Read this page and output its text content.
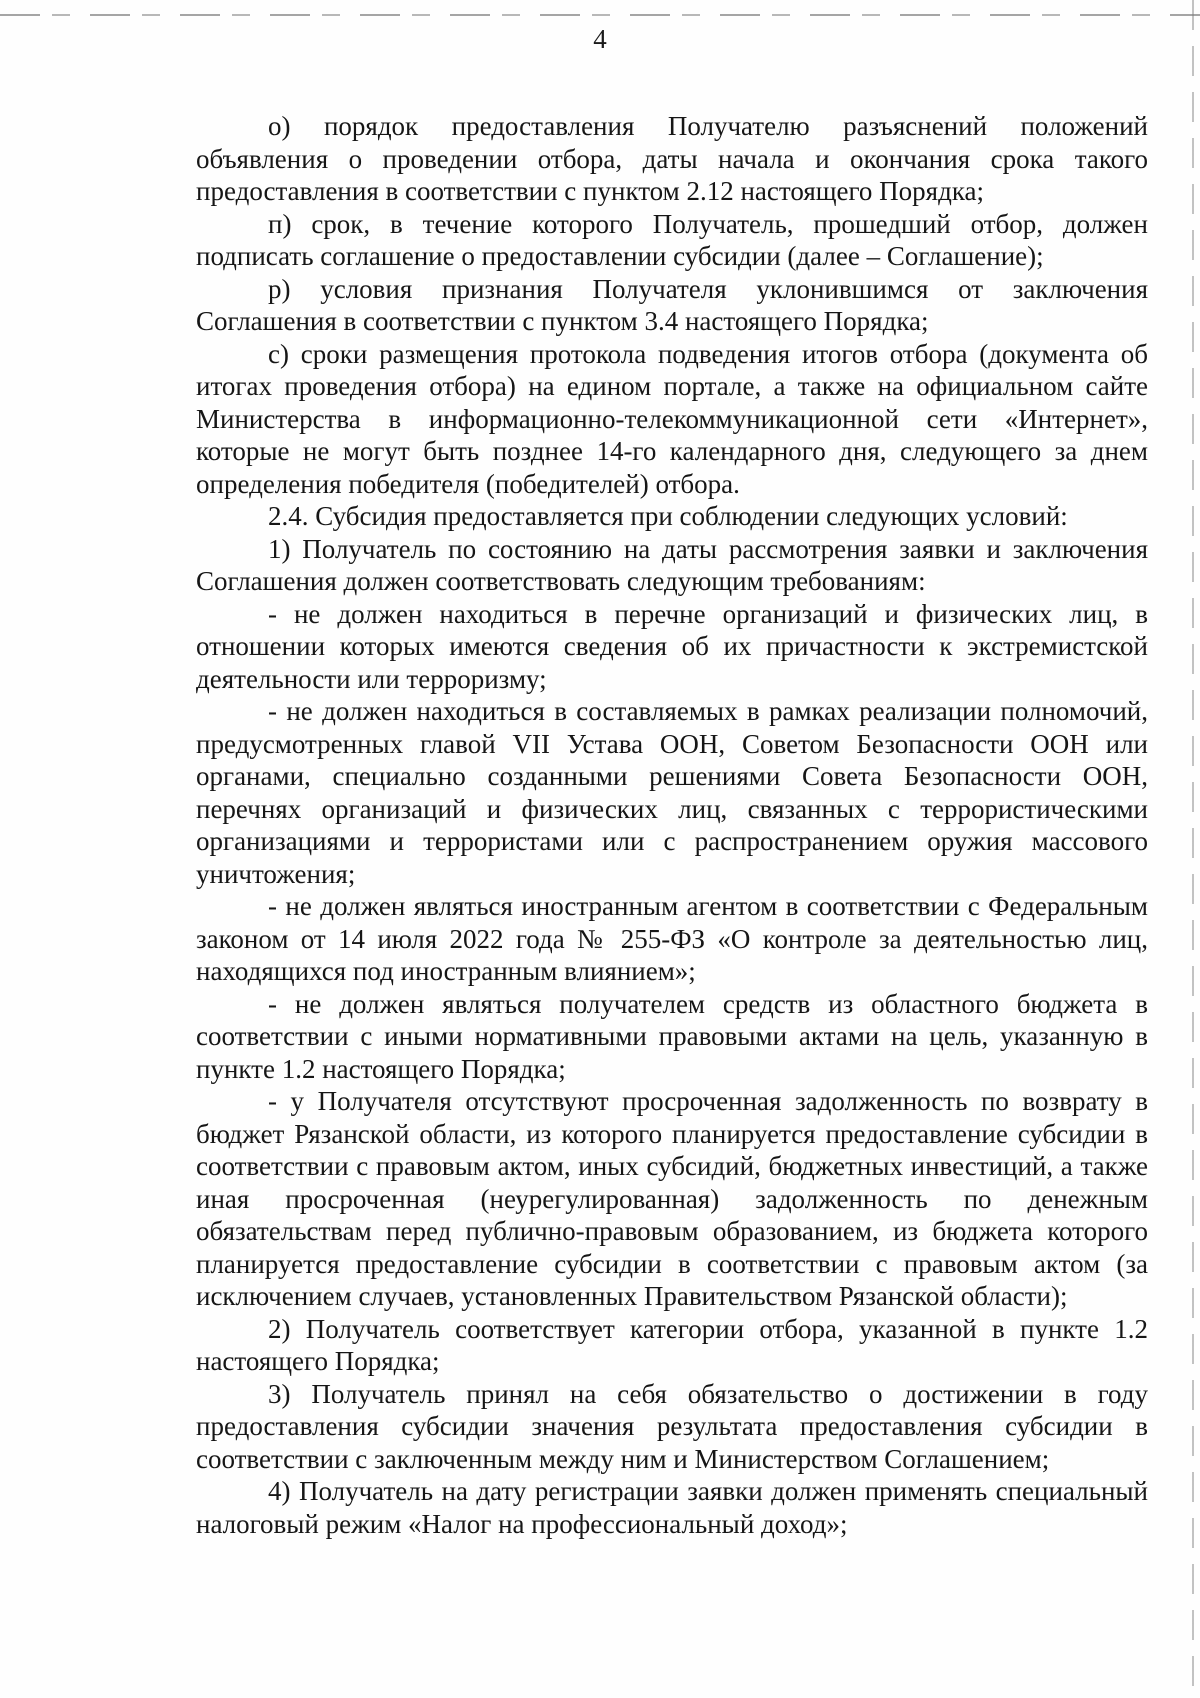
4

о) порядок предоставления Получателю разъяснений положений объявления о проведении отбора, даты начала и окончания срока такого предоставления в соответствии с пунктом 2.12 настоящего Порядка;

п) срок, в течение которого Получатель, прошедший отбор, должен подписать соглашение о предоставлении субсидии (далее – Соглашение);

р) условия признания Получателя уклонившимся от заключения Соглашения в соответствии с пунктом 3.4 настоящего Порядка;

с) сроки размещения протокола подведения итогов отбора (документа об итогах проведения отбора) на едином портале, а также на официальном сайте Министерства в информационно-телекоммуникационной сети «Интернет», которые не могут быть позднее 14-го календарного дня, следующего за днем определения победителя (победителей) отбора.

2.4. Субсидия предоставляется при соблюдении следующих условий:

1) Получатель по состоянию на даты рассмотрения заявки и заключения Соглашения должен соответствовать следующим требованиям:

- не должен находиться в перечне организаций и физических лиц, в отношении которых имеются сведения об их причастности к экстремистской деятельности или терроризму;

- не должен находиться в составляемых в рамках реализации полномочий, предусмотренных главой VII Устава ООН, Советом Безопасности ООН или органами, специально созданными решениями Совета Безопасности ООН, перечнях организаций и физических лиц, связанных с террористическими организациями и террористами или с распространением оружия массового уничтожения;

- не должен являться иностранным агентом в соответствии с Федеральным законом от 14 июля 2022 года № 255-ФЗ «О контроле за деятельностью лиц, находящихся под иностранным влиянием»;

- не должен являться получателем средств из областного бюджета в соответствии с иными нормативными правовыми актами на цель, указанную в пункте 1.2 настоящего Порядка;

- у Получателя отсутствуют просроченная задолженность по возврату в бюджет Рязанской области, из которого планируется предоставление субсидии в соответствии с правовым актом, иных субсидий, бюджетных инвестиций, а также иная просроченная (неурегулированная) задолженность по денежным обязательствам перед публично-правовым образованием, из бюджета которого планируется предоставление субсидии в соответствии с правовым актом (за исключением случаев, установленных Правительством Рязанской области);

2) Получатель соответствует категории отбора, указанной в пункте 1.2 настоящего Порядка;

3) Получатель принял на себя обязательство о достижении в году предоставления субсидии значения результата предоставления субсидии в соответствии с заключенным между ним и Министерством Соглашением;

4) Получатель на дату регистрации заявки должен применять специальный налоговый режим «Налог на профессиональный доход»;
